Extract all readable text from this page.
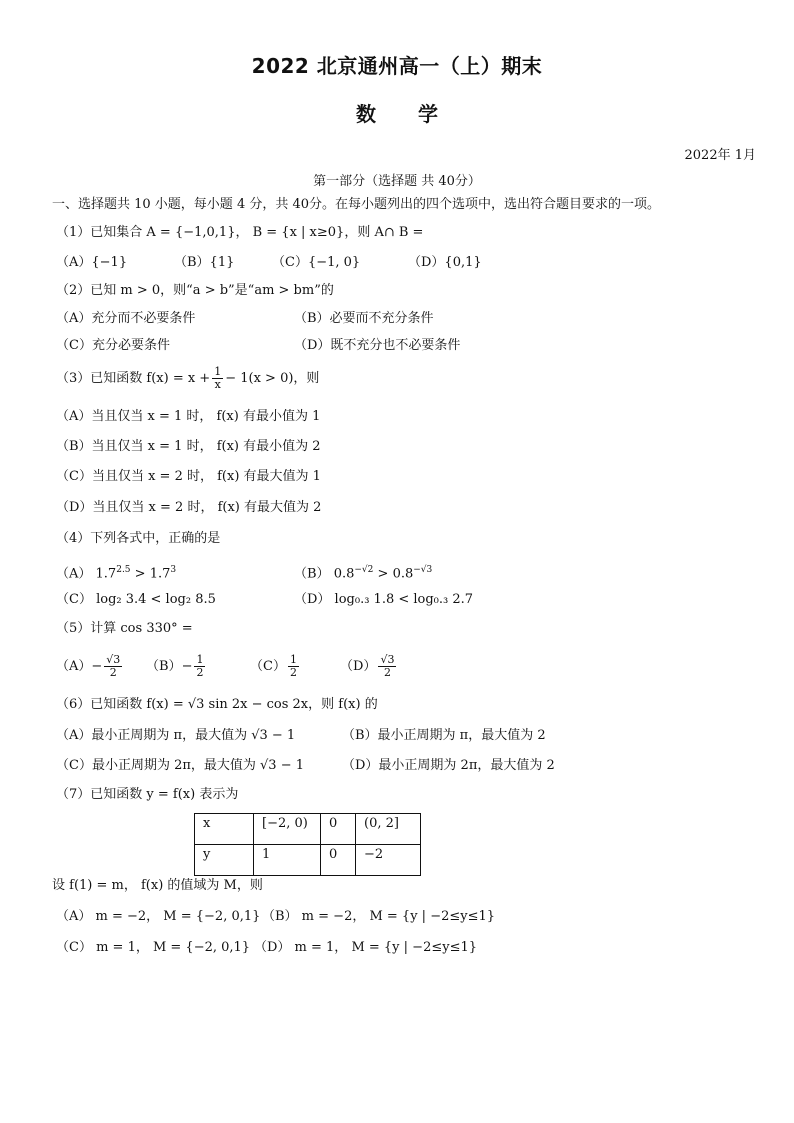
2022 北京通州高一（上）期末
数学
2022年 1月
第一部分（选择题 共 40分）
一、选择题共 10 小题，每小题 4 分，共 40分。在每小题列出的四个选项中，选出符合题目要求的一项。
（1）已知集合 A = {−1,0,1}， B = {x | x≥0}，则 A∩ B =
（A）{−1}	（B）{1}	（C）{−1, 0}	（D）{0,1}
（2）已知 m > 0，则“a > b”是“am > bm”的
（A）充分而不必要条件	（B）必要而不充分条件
（C）充分必要条件	（D）既不充分也不必要条件
（3）已知函数 $f(x) = x + \frac{1}{x} - 1(x > 0)$，则
（A）当且仅当 x = 1 时， f(x) 有最小值为 1
（B）当且仅当 x = 1 时， f(x) 有最小值为 2
（C）当且仅当 x = 2 时， f(x) 有最大值为 1
（D）当且仅当 x = 2 时， f(x) 有最大值为 2
（4）下列各式中，正确的是
（A） $1.7^{2.5} > 1.7^3$	（B） $0.8^{-√2} > 0.8^{-√3}$
（C） log₂ 3.4 < log₂ 8.5	（D） log₀.₃ 1.8 < log₀.₃ 2.7
（5）计算 cos 330° =
$(A)- \frac{√3}{2} (B)- \frac{1}{2}$	$(C) \frac{1}{2}$	$(D) \frac{√3}{2}$
（6）已知函数 f(x) = √3 sin 2x − cos 2x，则 f(x) 的
（A）最小正周期为 π，最大值为 √3 − 1	（B）最小正周期为 π，最大值为 2
（C）最小正周期为 2π，最大值为 √3 − 1	（D）最小正周期为 2π，最大值为 2
（7）已知函数 y = f(x) 表示为
x	[−2, 0)	0	(0, 2]
y	1	0	−2
设 f(1) = m， f(x) 的值域为 M，则
（A） m = −2， M = {−2, 0,1} （B） m = −2， M = {y | −2≤y≤1}
（C） m = 1， M = {−2, 0,1} （D） m = 1， M = {y | −2≤y≤1}
